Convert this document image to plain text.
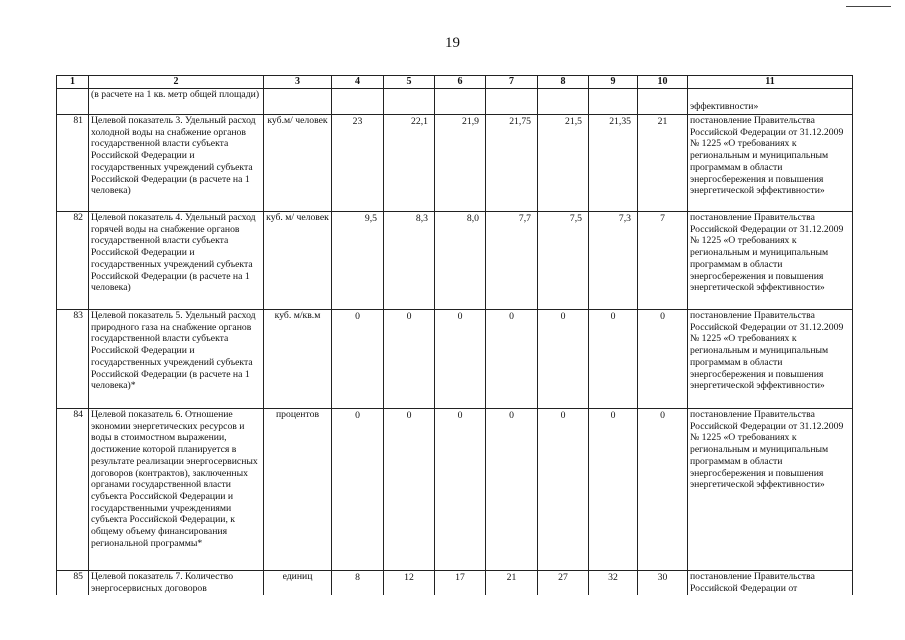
19
1	2	3	4	5	6	7	8	9	10	11
	(в расчете на 1 кв. метр общей площади)									эффективности»
81	Целевой показатель 3. Удельный расход холодной воды на снабжение органов государственной власти субъекта Российской Федерации и государственных учреждений субъекта Российской Федерации (в расчете на 1 человека)	куб.м/ человек	23	22,1	21,9	21,75	21,5	21,35	21	постановление Правительства Российской Федерации от 31.12.2009 № 1225 «О требованиях к региональным и муниципальным программам в области энергосбережения и повышения энергетической эффективности»
82	Целевой показатель 4. Удельный расход горячей воды на снабжение органов государственной власти субъекта Российской Федерации и государственных учреждений субъекта Российской Федерации (в расчете на 1 человека)	куб. м/ человек	9,5	8,3	8,0	7,7	7,5	7,3	7	постановление Правительства Российской Федерации от 31.12.2009 № 1225 «О требованиях к региональным и муниципальным программам в области энергосбережения и повышения энергетической эффективности»
83	Целевой показатель 5. Удельный расход природного газа на снабжение органов государственной власти субъекта Российской Федерации и государственных учреждений субъекта Российской Федерации (в расчете на 1 человека)*	куб. м/кв.м	0	0	0	0	0	0	0	постановление Правительства Российской Федерации от 31.12.2009 № 1225 «О требованиях к региональным и муниципальным программам в области энергосбережения и повышения энергетической эффективности»
84	Целевой показатель 6. Отношение экономии энергетических ресурсов и воды в стоимостном выражении, достижение которой планируется в результате реализации энергосервисных договоров (контрактов), заключенных органами государственной власти субъекта Российской Федерации и государственными учреждениями субъекта Российской Федерации, к общему объему финансирования региональной программы*	процентов	0	0	0	0	0	0	0	постановление Правительства Российской Федерации от 31.12.2009 № 1225 «О требованиях к региональным и муниципальным программам в области энергосбережения и повышения энергетической эффективности»
85	Целевой показатель 7. Количество энергосервисных договоров	единиц	8	12	17	21	27	32	30	постановление Правительства Российской Федерации от
